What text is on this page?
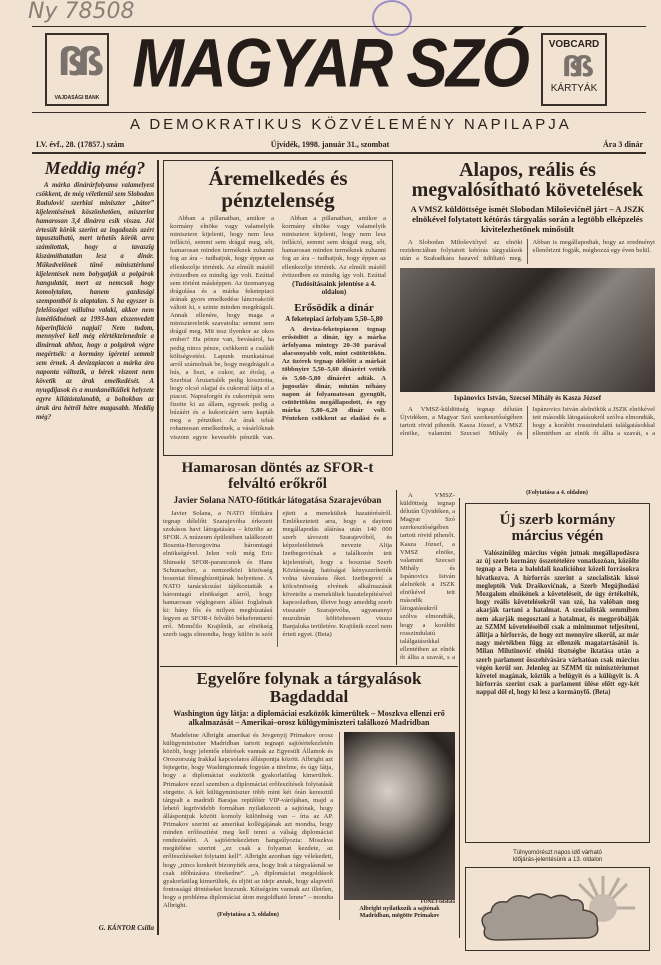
Ny 78508
ßß
VAJDASÁGI BANK MAGYAR SZÓ	VOBCARD
ßß
KÁRTYÁK
A DEMOKRATIKUS KÖZVÉLEMÉNY NAPILAPJA
LV. évf., 28. (17857.) szám	Újvidék, 1998. január 31., szombat	Ára 3 dinár
Meddig még?

A márka dinárárfolyama valamelyest csökkent, de még véletlenül sem Slobodan Radulović szerbiai miniszter „bátor” kijelentésének köszönhetően, miszerint hamarosan 3,4 dinárra esik vissza. Jól értesült körök szerint az ingadozás azért tapasztalható, mert tehetős körök arra számítottak, hogy a tavaszig kiszámíthatatlan lesz a dinár. Műkedvelőnek tűnő minisztériumi kijelentések nem bolygatják a polgárok hangulatát, mert az nemcsak hogy komolytalan, hanem gazdasági szempontból is alaptalan. S ha egyszer is felelősséget vállalna valaki, akkor nem ismétlődnének az 1993-ban elszenvedett hiperinfláció napjai! Nem tudom, mennyivel kell még elértéktelenednie a dinárnak ahhoz, hogy a polgárok végre megértsék: a kormány ígéretei semmit sem érnek. A devizapiacon a márka ára naponta változik, a bérek viszont nem követik az árak emelkedését. A nyugdíjasok és a munkanélküliek helyzete egyre kilátástalanabb, a boltokban az áruk ára hétről hétre magasabb. Meddig még?

G. KÁNTOR Csilla
Áremelkedés és pénztelenség

Abban a pillanatban, amikor a kormány elnöke vagy valamelyik minisztere kijelenti, hogy nem lesz infláció, semmi sem drágul meg, sőt, hamarosan minden terméknek zuhanni fog az ára – tudhatjuk, hogy éppen az ellenkezője történik. Az elmúlt másfél évtizedben ez mindig így volt. Ezúttal sem történt másképpen. Az üzemanyag drágulása és a márka feketepiaci árának gyors emelkedése láncreakciót váltott ki, s szinte minden megdrágult. Annak ellenére, hogy maga a miniszterelnök szavatolta: semmi sem drágul meg. Mit tesz ilyenkor az okos ember? Ha pénze van, bevásárol, ha pedig nincs pénze, csökkenti a családi költségvetést. Lapunk munkatársai arról számolnak be, hogy megdrágult a hús, a liszt, a cukor, az étolaj, a Szerbiai Árutartalék pedig kiosztotta, hogy olcsó olajjal és cukorral látja el a piacot. Napraforgót és cukorrépát sem fizette ki az állam, egyesek pedig a búzáért és a kukoricáért sem kapták meg a pénzüket. Az árak tehát rohamosan emelkednek, a vásárlóknak viszont egyre kevesebb pénzük van.

Abban a pillanatban, amikor a kormány elnöke vagy valamelyik minisztere kijelenti, hogy nem lesz infláció, semmi sem drágul meg, sőt, hamarosan minden terméknek zuhanni fog az ára – tudhatjuk, hogy éppen az ellenkezője történik. Az elmúlt másfél évtizedben ez mindig így volt. Ezúttal

(Tudósításaink jelentése a 4. oldalon)
Erősödik a dinár
A feketepiaci árfolyam 5,50–5,80

A deviza-feketepiacon tegnap erősödött a dinár, így a márka árfolyama mintegy 20–30 parával alacsonyabb volt, mint csütörtökön. Az üzérek tegnap délelőtt a márkát többnyire 5,50–5,60 dinárért vették és 5,60–5,80 dinárért adták. A jugoszláv dinár, miután néhány napon át folyamatosan gyengült, csütörtökön megállapodott, és egy márka 5,80–6,20 dinár volt. Pénteken csökkent az eladási és a

Alapos, reális és megvalósítható követelések
A VMSZ küldöttsége ismét Slobodan Miloševićnél járt – A JSZK elnökével folytatott kétórás tárgyalás során a legtöbb elképzelés kivitelezhetőnek minősült

A Slobodan Miloševićtyel az elnöki rezidenciában folytatott kétórás tárgyalások után a Szabadkára hazavel üdöltató meg. Abban is megállapodtak, hogy az eredményt ellenőrizni fogják, méghozzá egy éven belül.

Ispánovics István, Szecsei Mihály és Kasza József

A VMSZ-küldöttség tegnap délután Újvidéken, a Magyar Szó szerkesztőségében tartott rövid pihenőt. Kasza József, a VMSZ elnöke, valamint Szecsei Mihály és Ispánovics István alelnökök a JSZK elnökével tett második látogatásukról szólva elmondták, hogy a korábbi rosszindulatú találgatásokkal ellentétben az elnök őt állta a szavát, s a

A VMSZ-küldöttség tegnap délután Újvidéken, a Magyar Szó szerkesztőségében tartott rövid pihenőt. Kasza József, a VMSZ elnöke, valamint Szecsei Mihály és Ispánovics István alelnökök a JSZK elnökével tett második látogatásukról szólva elmondták, hogy a korábbi rosszindulatú találgatásokkal ellentétben az elnök őt állta a szavát, s a

(Folytatása a 4. oldalon)
Hamarosan döntés az SFOR-t felváltó erőkről
Javier Solana NATO-főtitkár látogatása Szarajevóban

Javier Solana, a NATO főtitkára tegnap délelőtt Szarajevóba érkezett szokásos havi látogatására – közölte az SFOR. A múzeum épületében találkozott Bosznia-Hercegovina háromtagú elnökségével. Jelen volt még Eric Shinseki SFOR-parancsnok és Hans Schumacher, a nemzetközi közösség boszniai főmegbízottjának helyettese. A NATO tanácskozási tájékoztatták a háromtagú elnökséget arról, hogy hamarosan véglegesen állást foglalnak ki: hány fős és milyen megbízatású legyen az SFOR-t felváltó békefenntartó erő. Momčilo Krajišnik, az elnökség szerb tagja elmondta, hogy külön is szót ejtett a menekültek hazatéréséről. Emlékeztetett arra, hogy a daytoni megállapodás aláírása után 140 000 szerb távozott Szarajevóból, és képzeletéletnek nevezte Alija Izetbegovićnak a találkozón tett kijelentését, hogy a boszniai Szerb Köztársaság hatóságai kényszerítették volna távozásra őket. Izetbegović a kölcsönösség elvének alkalmazását követelte a menekültek hazatelepítésével kapcsolatban, illetve hogy ameddig szerb visszatér Szarajevóba, ugyanannyi muzulmán költözhessen vissza Banjaluka területére. Krajišnik ezzel nem értett egyet. (Beta)

Egyelőre folynak a tárgyalások Bagdaddal
Washington úgy látja: a diplomáciai eszközök kimerültek – Moszkva ellenzi erő alkalmazását – Amerikai–orosz külügyminiszteri találkozó Madridban

Madeleine Albright amerikai és Jevgenyij Primakov orosz külügyminiszter Madridban tartott tegnapi sajtóértekezletén közölt, hogy jelentős eltérések vannak az Egyesült Államok és Oroszország Irakkal kapcsolatos álláspontja között. Albright azt fejtegette, hogy Washingtonnak fogytán a türelme, és úgy látja, hogy a diplomáciai eszközök gyakorlatilag kimerültek. Primakov ezzel szemben a diplomáciai erőfeszítések folytatását sürgette. A két külügyminiszter több mint két órán keresztül tárgyalt a madridi Barajas repülőtér VIP-várójában, majd a lehető legrövidebb formában nyilatkozott a sajtónak, hogy álláspontjuk között komoly különbség van – írta az AP. Primakov szerint az amerikai kollégájának azt mondta, hogy minden erőfeszítést meg kell tenni a válság diplomáciai rendezéséért. A sajtóértekezleten hangsúlyozta: Moszkva megítélése szerint „ez csak a folyamat kezdete, az erőfeszítéseket folytatni kell”. Albright azonban úgy vélekedett, hogy „nincs konkrét bizonyíték arra, hogy Irak a tárgyalásnál se csak időhúzásra törekedne”. „A diplomáciai megoldások gyakorlatilag kimerültek, és eljött az ideje annak, hogy alapvető fontosságú döntéseket hozzunk. Kétségeim vannak azt illetően, hogy a probléma diplomáciai úton megoldható lenne” – mondta Albright.

(Folytatása a 3. oldalon)
FONET-telefotó
Albright nyilatkozik a sajtónak Madridban, mögötte Primakov
Új szerb kormány március végén

Valószínűleg március végén jutnak megállapodásra az új szerb kormány összetételére vonatkozóan, közölte tegnap a Beta a baloldali koalícióhoz közeli forrásokra hivatkozva. A hírforrás szerint a szocialisták kissé meglepték Vuk Draškovićnak, a Szerb Megújhodási Mozgalom elnökének a követeléseit, de úgy értékelték, hogy reális követelésekről van szó, ha valóban meg akarják tartani a hatalmat. A szocialisták semmiben nem akarják megosztani a hatalmat, és megpróbálják az SZMM követeléseiből csak a minimumot teljesíteni, állítja a hírforrás, de hogy ezt mennyire sikerül, az már nagy mértékben függ az ellenzék magatartásától is. Milan Milutinović elnöki tisztségbe iktatása után a szerb parlament összehívására várhatóan csak március végén kerül sor. Jelenleg az SZMM tíz minisztériumot követel magának, köztük a belügyit és a külügyit is. A hírforrás szerint csak a parlament ülése előtt egy-két nappal dől el, hogy ki lesz a kormányfő. (Beta)

Túlnyomórészt napos idő várható
Időjárás-jelentésünk a 13. oldalon
